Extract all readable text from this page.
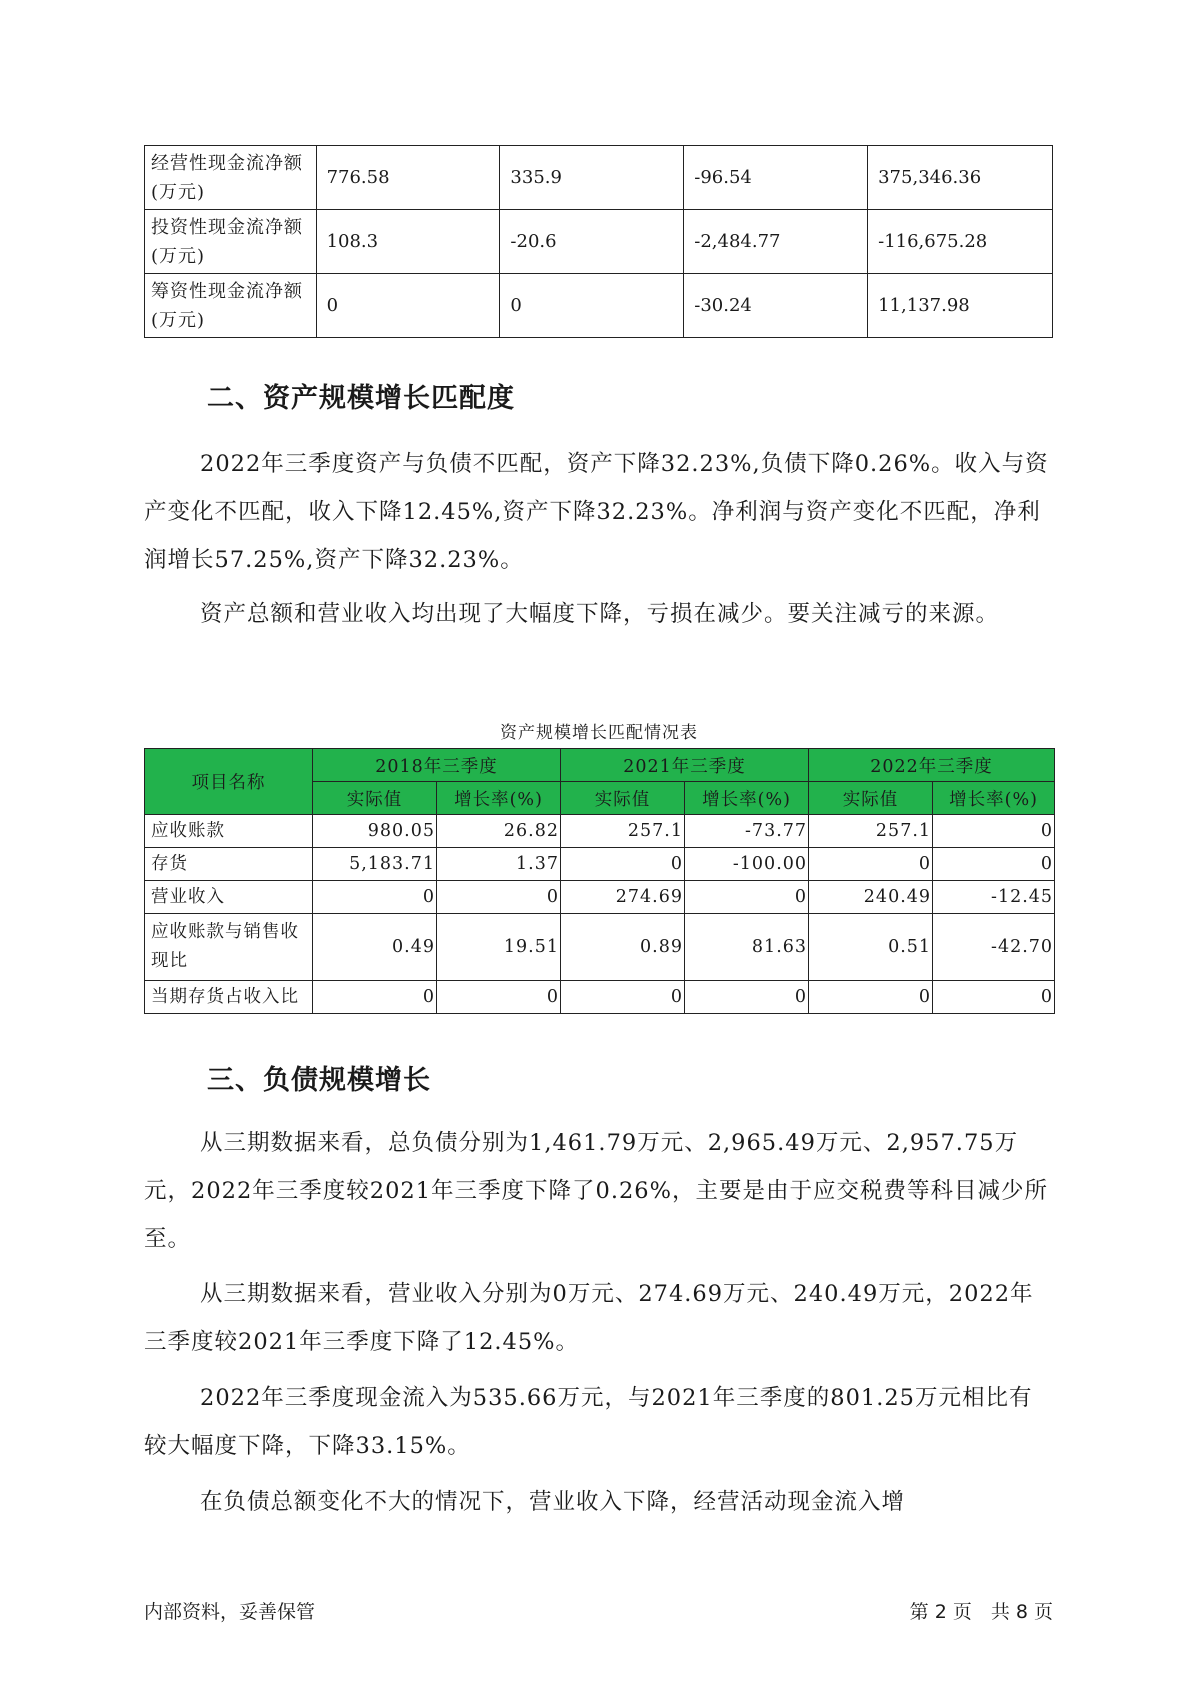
经营性现金流净额(万元)	776.58	335.9	-96.54	375,346.36
投资性现金流净额(万元)	108.3	-20.6	-2,484.77	-116,675.28
筹资性现金流净额(万元)	0	0	-30.24	11,137.98
二、资产规模增长匹配度

2022年三季度资产与负债不匹配，资产下降32.23%,负债下降0.26%。收入与资产变化不匹配，收入下降12.45%,资产下降32.23%。净利润与资产变化不匹配，净利润增长57.25%,资产下降32.23%。

资产总额和营业收入均出现了大幅度下降，亏损在减少。要关注减亏的来源。

资产规模增长匹配情况表
项目名称	2018年三季度		2021年三季度		2022年三季度	
	实际值	增长率(%)	实际值	增长率(%)	实际值	增长率(%)
应收账款	980.05	26.82	257.1	-73.77	257.1	0
存货	5,183.71	1.37	0	-100.00	0	0
营业收入	0	0	274.69	0	240.49	-12.45
应收账款与销售收现比	0.49	19.51	0.89	81.63	0.51	-42.70
当期存货占收入比	0	0	0	0	0	0
三、负债规模增长

从三期数据来看，总负债分别为1,461.79万元、2,965.49万元、2,957.75万元，2022年三季度较2021年三季度下降了0.26%，主要是由于应交税费等科目减少所至。

从三期数据来看，营业收入分别为0万元、274.69万元、240.49万元，2022年三季度较2021年三季度下降了12.45%。

2022年三季度现金流入为535.66万元，与2021年三季度的801.25万元相比有较大幅度下降，下降33.15%。

在负债总额变化不大的情况下，营业收入下降，经营活动现金流入增

内部资料，妥善保管	第 2 页　共 8 页
